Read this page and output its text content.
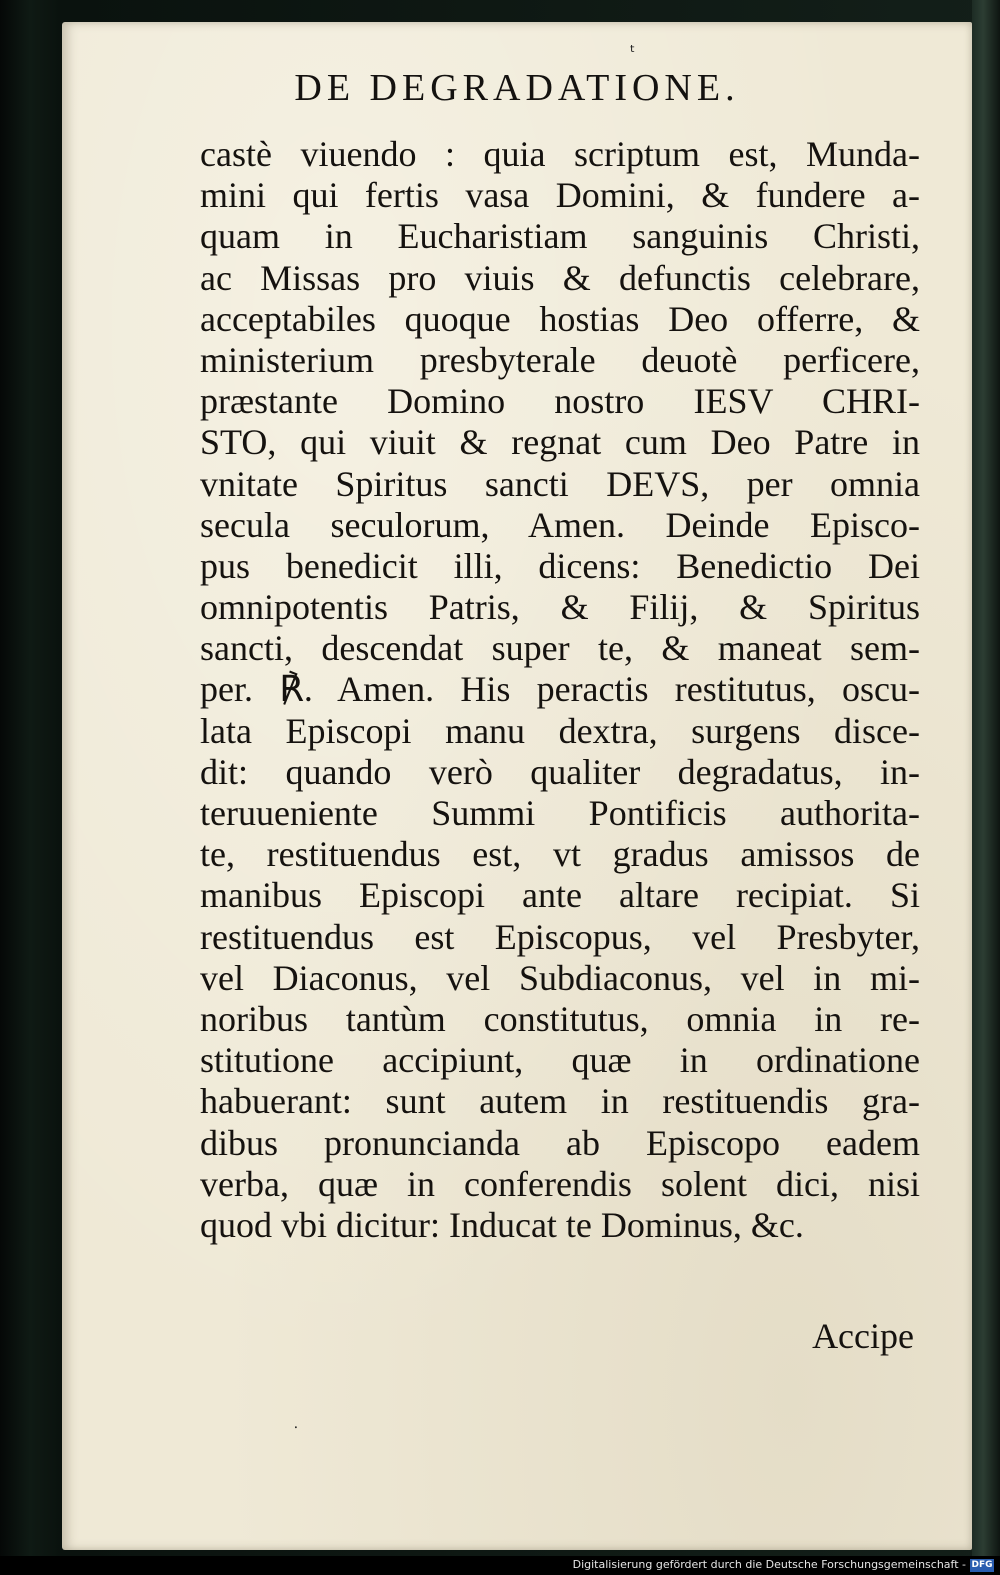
ᵗ
DE DEGRADATIONE.
castè viuendo : quia scriptum est, Munda-
mini qui fertis vasa Domini, & fundere a-
quam in Eucharistiam sanguinis Christi,
ac Missas pro viuis & defunctis celebrare,
acceptabiles quoque hostias Deo offerre, &
ministerium presbyterale deuotè perficere,
præstante Domino nostro IESV CHRI-
STO, qui viuit & regnat cum Deo Patre in
vnitate Spiritus sancti DEVS, per omnia
secula seculorum, Amen. Deinde Episco-
pus benedicit illi, dicens: Benedictio Dei
omnipotentis Patris, & Filij, & Spiritus
sancti, descendat super te, & maneat sem-
per. ℟. Amen. His peractis restitutus, oscu-
lata Episcopi manu dextra, surgens disce-
dit: quando verò qualiter degradatus, in-
teruueniente Summi Pontificis authorita-
te, restituendus est, vt gradus amissos de
manibus Episcopi ante altare recipiat. Si
restituendus est Episcopus, vel Presbyter,
vel Diaconus, vel Subdiaconus, vel in mi-
noribus tantùm constitutus, omnia in re-
stitutione accipiunt, quæ in ordinatione
habuerant: sunt autem in restituendis gra-
dibus pronuncianda ab Episcopo eadem
verba, quæ in conferendis solent dici, nisi
quod vbi dicitur: Inducat te Dominus, &c.
Accipe
⸳
Digitalisierung gefördert durch die Deutsche Forschungsgemeinschaft - DFG
